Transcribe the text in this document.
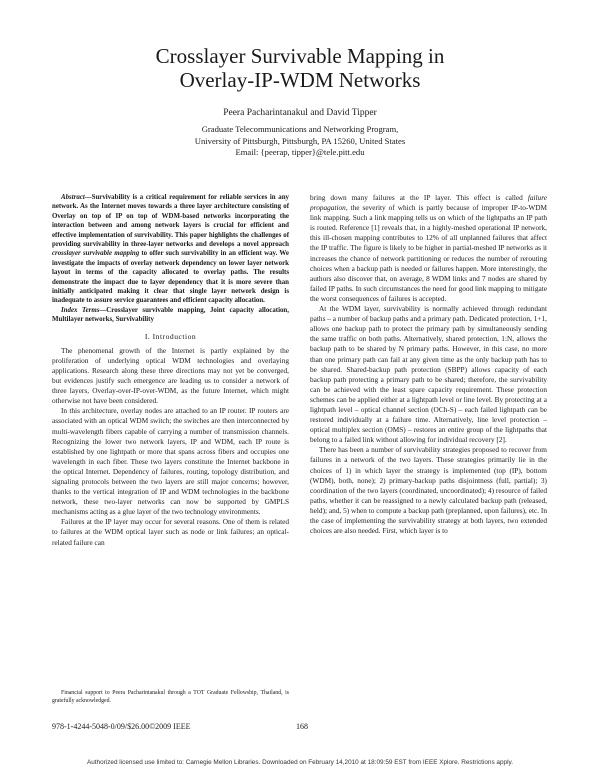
Crosslayer Survivable Mapping in
Overlay-IP-WDM Networks
Peera Pacharintanakul and David Tipper
Graduate Telecommunications and Networking Program,
University of Pittsburgh, Pittsburgh, PA 15260, United States
Email: {peerap, tipper}@tele.pitt.edu

Abstract—Survivability is a critical requirement for reliable services in any network. As the Internet moves towards a three layer architecture consisting of Overlay on top of IP on top of WDM-based networks incorporating the interaction between and among network layers is crucial for efficient and effective implementation of survivability. This paper highlights the challenges of providing survivability in three-layer networks and develops a novel approach crosslayer survivable mapping to offer such survivability in an efficient way. We investigate the impacts of overlay network dependency on lower layer network layout in terms of the capacity allocated to overlay paths. The results demonstrate the impact due to layer dependency that it is more severe than initially anticipated making it clear that single layer network design is inadequate to assure service guarantees and efficient capacity allocation.

Index Terms—Crosslayer survivable mapping, Joint capacity allocation, Multilayer networks, Survivability

I. Introduction

The phenomenal growth of the Internet is partly explained by the proliferation of underlying optical WDM technologies and overlaying applications. Research along these three directions may not yet be converged, but evidences justify such emergence are leading us to consider a network of three layers, Overlay-over-IP-over-WDM, as the future Internet, which might otherwise not have been considered.

In this architecture, overlay nodes are attached to an IP router. IP routers are associated with an optical WDM switch; the switches are then interconnected by multi-wavelength fibers capable of carrying a number of transmission channels. Recognizing the lower two network layers, IP and WDM, each IP route is established by one lightpath or more that spans across fibers and occupies one wavelength in each fiber. These two layers constitute the Internet backbone in the optical Internet. Dependency of failures, routing, topology distribution, and signaling protocols between the two layers are still major concerns; however, thanks to the vertical integration of IP and WDM technologies in the backbone network, these two-layer networks can now be supported by GMPLS mechanisms acting as a glue layer of the two technology environments.

Failures at the IP layer may occur for several reasons. One of them is related to failures at the WDM optical layer such as node or link failures; an optical-related failure can

Financial support to Peera Pacharintanakul through a TOT Graduate Fellowship, Thailand, is gratefully acknowledged.

bring down many failures at the IP layer. This effect is called failure propagation, the severity of which is partly because of improper IP-to-WDM link mapping. Such a link mapping tells us on which of the lightpaths an IP path is routed. Reference [1] reveals that, in a highly-meshed operational IP network, this ill-chosen mapping contributes to 12% of all unplanned failures that affect the IP traffic. The figure is likely to be higher in partial-meshed IP networks as it increases the chance of network partitioning or reduces the number of rerouting choices when a backup path is needed or failures happen. More interestingly, the authors also discover that, on average, 8 WDM links and 7 nodes are shared by failed IP paths. In such circumstances the need for good link mapping to mitigate the worst consequences of failures is accepted.

At the WDM layer, survivability is normally achieved through redundant paths – a number of backup paths and a primary path. Dedicated protection, 1+1, allows one backup path to protect the primary path by simultaneously sending the same traffic on both paths. Alternatively, shared protection, 1:N, allows the backup path to be shared by N primary paths. However, in this case, no more than one primary path can fail at any given time as the only backup path has to be shared. Shared-backup path protection (SBPP) allows capacity of each backup path protecting a primary path to be shared; therefore, the survivability can be achieved with the least spare capacity requirement. These protection schemes can be applied either at a lightpath level or line level. By protecting at a lightpath level – optical channel section (OCh-S) – each failed lightpath can be restored individually at a failure time. Alternatively, line level protection – optical multiplex section (OMS) – restores an entire group of the lightpaths that belong to a failed link without allowing for individual recovery [2].

There has been a number of survivability strategies proposed to recover from failures in a network of the two layers. These strategies primarily lie in the choices of 1) in which layer the strategy is implemented (top (IP), bottom (WDM), both, none); 2) primary-backup paths disjointness (full, partial); 3) coordination of the two layers (coordinated, uncoordinated); 4) resource of failed paths, whether it can be reassigned to a newly calculated backup path (released, held); and, 5) when to compute a backup path (preplanned, upon failures), etc. In the case of implementing the survivability strategy at both layers, two extended choices are also needed. First, which layer is to

978-1-4244-5048-0/09/$26.00©2009 IEEE	168
Authorized licensed use limited to: Carnegie Mellon Libraries. Downloaded on February 14,2010 at 18:09:59 EST from IEEE Xplore. Restrictions apply.
